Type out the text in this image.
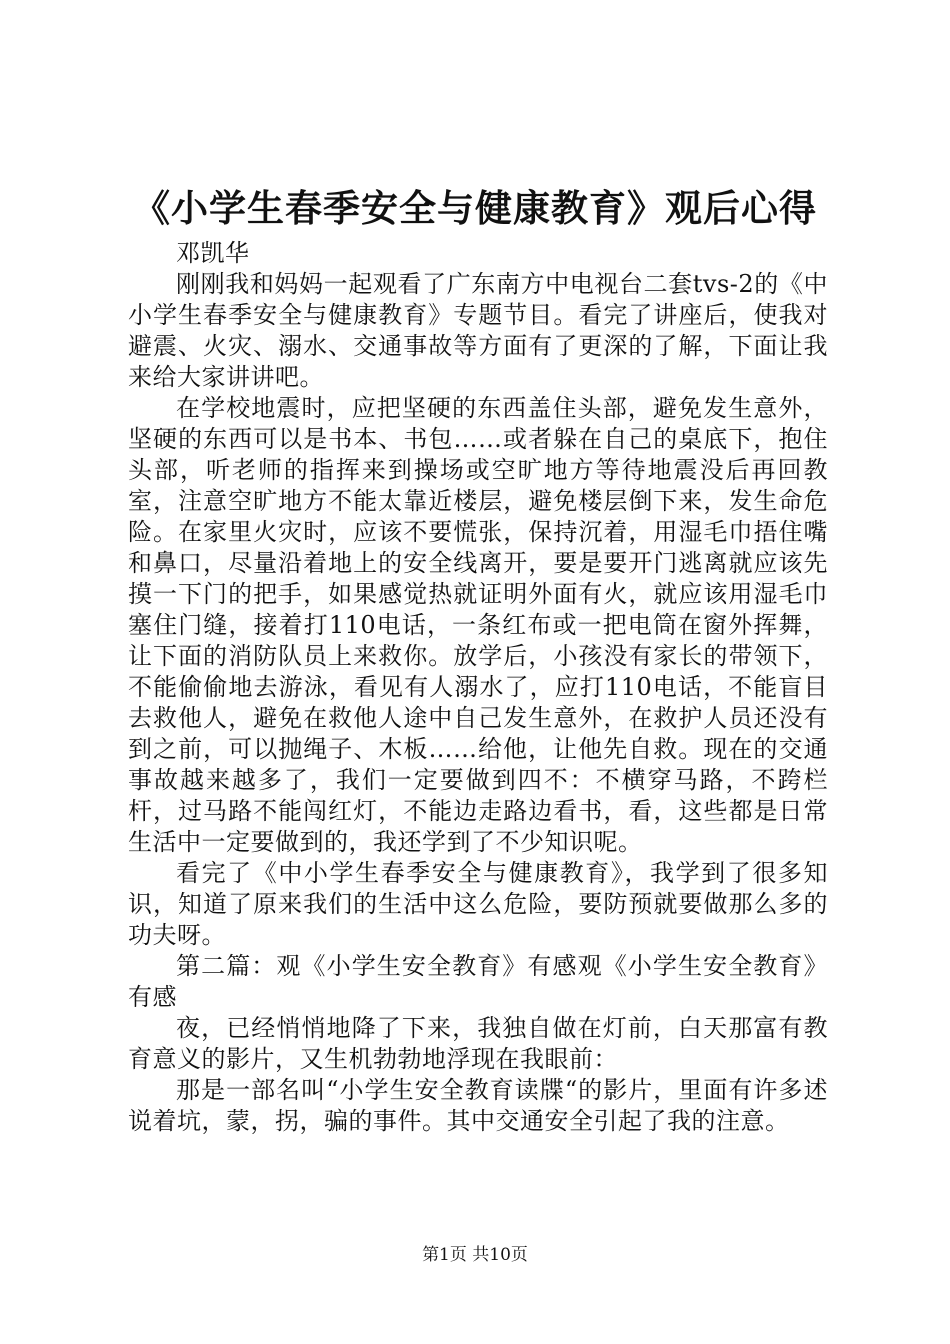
《小学生春季安全与健康教育》观后心得

邓凯华

刚刚我和妈妈一起观看了广东南方中电视台二套tvs-2的《中小学生春季安全与健康教育》专题节目。看完了讲座后，使我对避震、火灾、溺水、交通事故等方面有了更深的了解，下面让我来给大家讲讲吧。

在学校地震时，应把坚硬的东西盖住头部，避免发生意外，坚硬的东西可以是书本、书包……或者躲在自己的桌底下，抱住头部，听老师的指挥来到操场或空旷地方等待地震没后再回教室，注意空旷地方不能太靠近楼层，避免楼层倒下来，发生命危险。在家里火灾时，应该不要慌张，保持沉着，用湿毛巾捂住嘴和鼻口，尽量沿着地上的安全线离开，要是要开门逃离就应该先摸一下门的把手，如果感觉热就证明外面有火，就应该用湿毛巾塞住门缝，接着打110电话，一条红布或一把电筒在窗外挥舞，让下面的消防队员上来救你。放学后，小孩没有家长的带领下，不能偷偷地去游泳，看见有人溺水了，应打110电话，不能盲目去救他人，避免在救他人途中自己发生意外，在救护人员还没有到之前，可以抛绳子、木板……给他，让他先自救。现在的交通事故越来越多了，我们一定要做到四不：不横穿马路，不跨栏杆，过马路不能闯红灯，不能边走路边看书，看，这些都是日常生活中一定要做到的，我还学到了不少知识呢。

看完了《中小学生春季安全与健康教育》，我学到了很多知识，知道了原来我们的生活中这么危险，要防预就要做那么多的功夫呀。

第二篇：观《小学生安全教育》有感观《小学生安全教育》有感

夜，已经悄悄地降了下来，我独自做在灯前，白天那富有教育意义的影片，又生机勃勃地浮现在我眼前：

那是一部名叫“小学生安全教育读牒“的影片，里面有许多述说着坑，蒙，拐，骗的事件。其中交通安全引起了我的注意。

第1页 共10页
